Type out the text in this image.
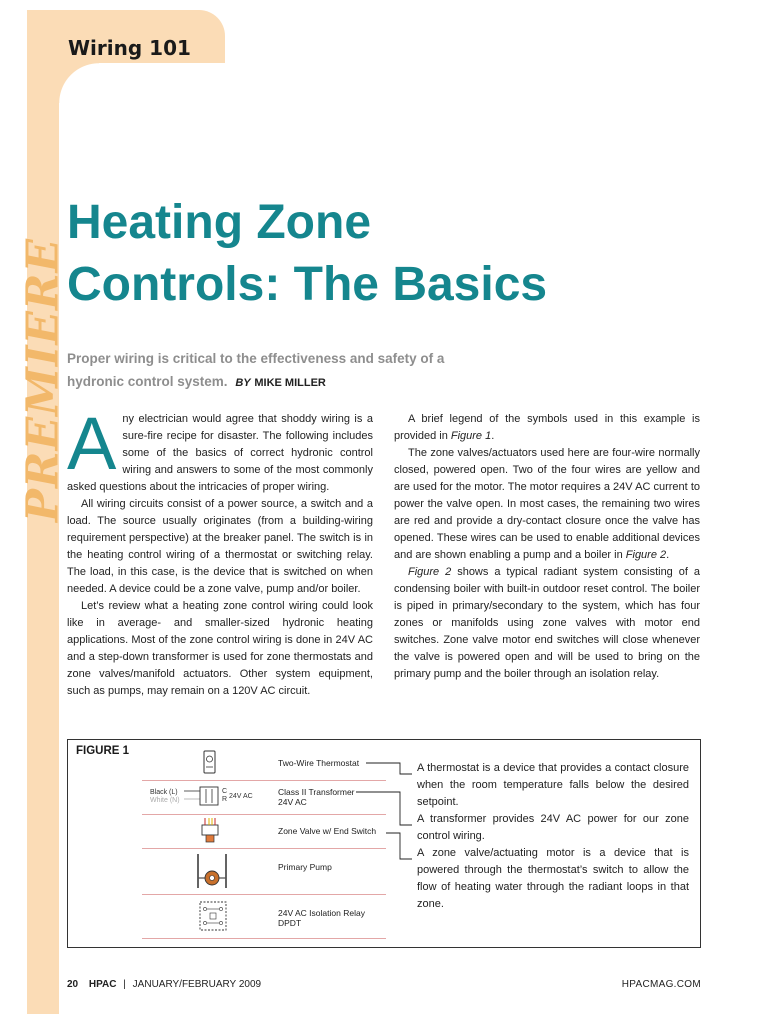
Wiring 101
PREMIERE
Heating Zone
Controls: The Basics
Proper wiring is critical to the effectiveness and safety of a hydronic control system. BY MIKE MILLER

Any electrician would agree that shoddy wiring is a sure-fire recipe for disaster. The following includes some of the basics of correct hydronic control wiring and answers to some of the most commonly asked questions about the intricacies of proper wiring.

All wiring circuits consist of a power source, a switch and a load. The source usually originates (from a building-wiring requirement perspective) at the breaker panel. The switch is in the heating control wiring of a thermostat or switching relay. The load, in this case, is the device that is switched on when needed. A device could be a zone valve, pump and/or boiler.

Let’s review what a heating zone control wiring could look like in average- and smaller-sized hydronic heating applications. Most of the zone control wiring is done in 24V AC and a step-down transformer is used for zone thermostats and zone valves/manifold actuators. Other system equipment, such as pumps, may remain on a 120V AC circuit.

A brief legend of the symbols used in this example is provided in Figure 1.

The zone valves/actuators used here are four-wire normally closed, powered open. Two of the four wires are yellow and are used for the motor. The motor requires a 24V AC current to power the valve open. In most cases, the remaining two wires are red and provide a dry-contact closure once the valve has opened. These wires can be used to enable additional devices and are shown enabling a pump and a boiler in Figure 2.

Figure 2 shows a typical radiant system consisting of a condensing boiler with built-in outdoor reset control. The boiler is piped in primary/secondary to the system, which has four zones or manifolds using zone valves with motor end switches. Zone valve motor end switches will close whenever the valve is powered open and will be used to bring on the primary pump and the boiler through an isolation relay.

FIGURE 1
Two-Wire Thermostat
Black (L)
White (N)
C
R 24V AC	Class II Transformer
24V AC
Zone Valve w/ End Switch
Primary Pump
24V AC Isolation Relay
DPDT

A thermostat is a device that provides a contact closure when the room temperature falls below the desired setpoint.

A transformer provides 24V AC power for our zone control wiring.

A zone valve/actuating motor is a device that is powered through the thermostat’s switch to allow the flow of heating water through the radiant loops in that zone.

20 HPAC | JANUARY/FEBRUARY 2009	HPACMAG.COM
